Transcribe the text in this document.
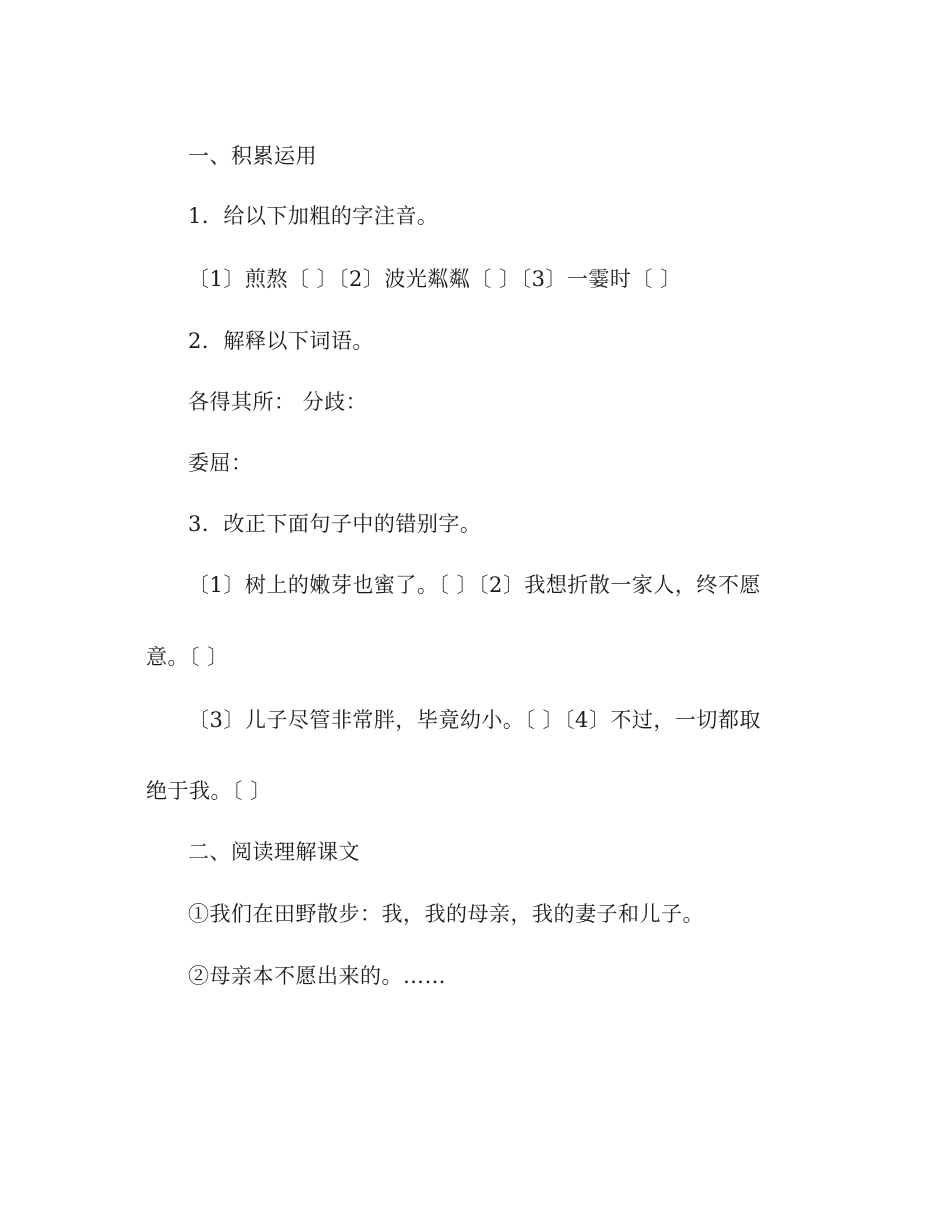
一、积累运用
1．给以下加粗的字注音。
〔1〕煎熬〔 〕〔2〕波光粼粼〔 〕〔3〕一霎时〔 〕
2．解释以下词语。
各得其所： 分歧：
委屈：
3．改正下面句子中的错别字。
〔1〕树上的嫩芽也蜜了。〔 〕〔2〕我想折散一家人，终不愿
意。〔 〕
〔3〕儿子尽管非常胖，毕竟幼小。〔 〕〔4〕不过，一切都取
绝于我。〔 〕
二、阅读理解课文
①我们在田野散步：我，我的母亲，我的妻子和儿子。
②母亲本不愿出来的。……
